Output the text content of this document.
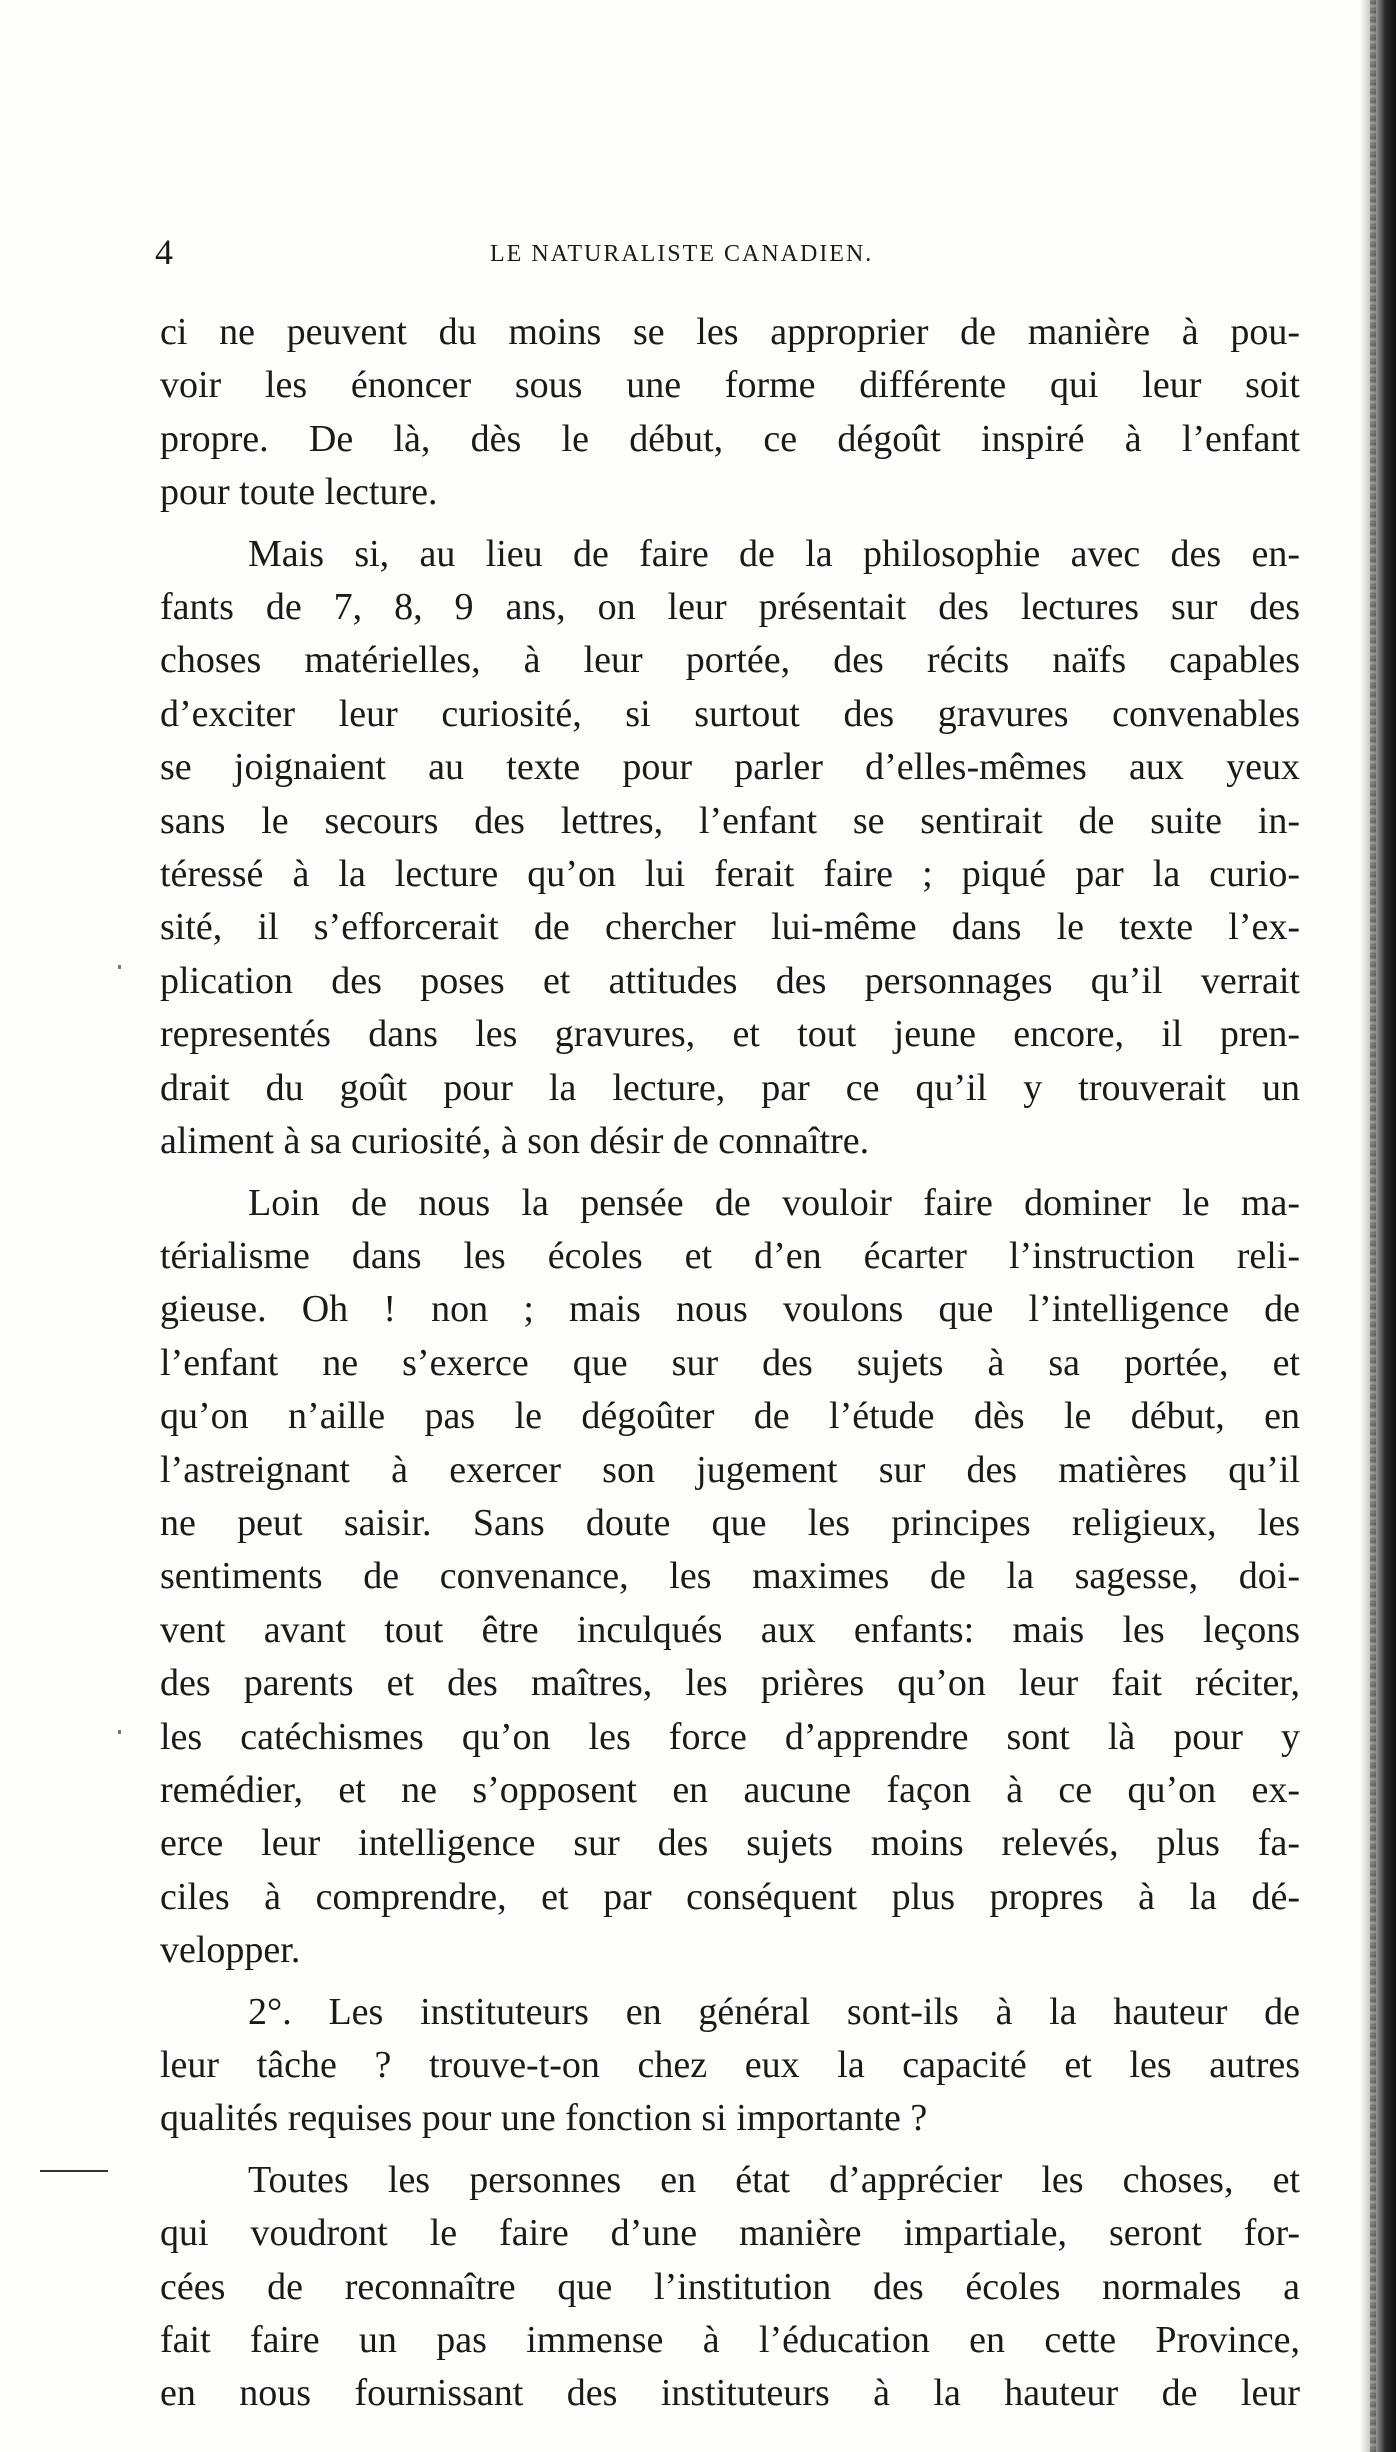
4	LE NATURALISTE CANADIEN.

ci ne peuvent du moins se les approprier de manière à pou-
voir les énoncer sous une forme différente qui leur soit
propre. De là, dès le début, ce dégoût inspiré à l’enfant
pour toute lecture.

Mais si, au lieu de faire de la philosophie avec des en-
fants de 7, 8, 9 ans, on leur présentait des lectures sur des
choses matérielles, à leur portée, des récits naïfs capables
d’exciter leur curiosité, si surtout des gravures convenables
se joignaient au texte pour parler d’elles-mêmes aux yeux
sans le secours des lettres, l’enfant se sentirait de suite in-
téressé à la lecture qu’on lui ferait faire ; piqué par la curio-
sité, il s’efforcerait de chercher lui-même dans le texte l’ex-
plication des poses et attitudes des personnages qu’il verrait
representés dans les gravures, et tout jeune encore, il pren-
drait du goût pour la lecture, par ce qu’il y trouverait un
aliment à sa curiosité, à son désir de connaître.

Loin de nous la pensée de vouloir faire dominer le ma-
térialisme dans les écoles et d’en écarter l’instruction reli-
gieuse. Oh ! non ; mais nous voulons que l’intelligence de
l’enfant ne s’exerce que sur des sujets à sa portée, et
qu’on n’aille pas le dégoûter de l’étude dès le début, en
l’astreignant à exercer son jugement sur des matières qu’il
ne peut saisir. Sans doute que les principes religieux, les
sentiments de convenance, les maximes de la sagesse, doi-
vent avant tout être inculqués aux enfants: mais les leçons
des parents et des maîtres, les prières qu’on leur fait réciter,
les catéchismes qu’on les force d’apprendre sont là pour y
remédier, et ne s’opposent en aucune façon à ce qu’on ex-
erce leur intelligence sur des sujets moins relevés, plus fa-
ciles à comprendre, et par conséquent plus propres à la dé-
velopper.

2°. Les instituteurs en général sont-ils à la hauteur de
leur tâche ? trouve-t-on chez eux la capacité et les autres
qualités requises pour une fonction si importante ?

Toutes les personnes en état d’apprécier les choses, et
qui voudront le faire d’une manière impartiale, seront for-
cées de reconnaître que l’institution des écoles normales a
fait faire un pas immense à l’éducation en cette Province,
en nous fournissant des instituteurs à la hauteur de leur
